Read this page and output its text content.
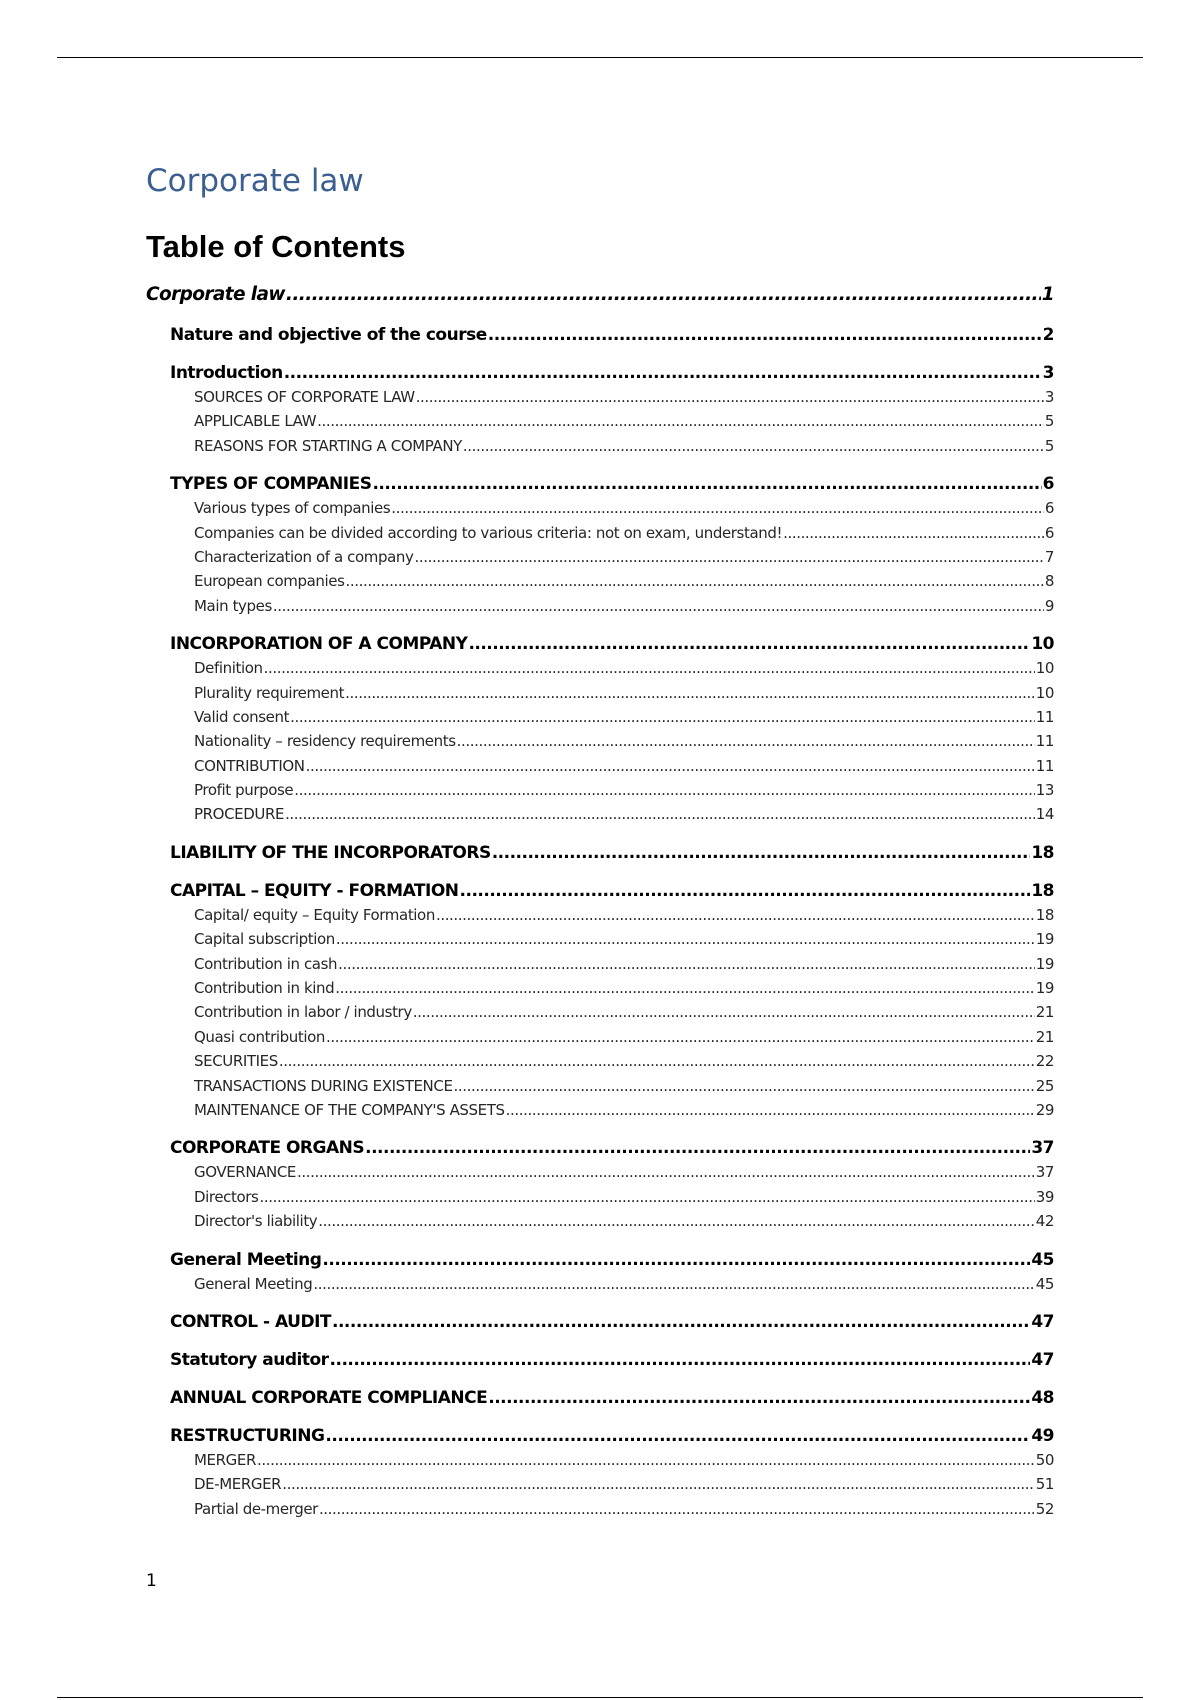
Corporate law
Table of Contents
Corporate law .....	1
Nature and objective of the course .....	2
Introduction .....	3
SOURCES OF CORPORATE LAW .....	3
APPLICABLE LAW .....	5
REASONS FOR STARTING A COMPANY .....	5
TYPES OF COMPANIES .....	6
Various types of companies .....	6
Companies can be divided according to various criteria: not on exam, understand! .....	6
Characterization of a company .....	7
European companies .....	8
Main types .....	9
INCORPORATION OF A COMPANY .....	10
Definition .....	10
Plurality requirement .....	10
Valid consent .....	11
Nationality – residency requirements .....	11
CONTRIBUTION .....	11
Profit purpose .....	13
PROCEDURE .....	14
LIABILITY OF THE INCORPORATORS .....	18
CAPITAL – EQUITY - FORMATION .....	18
Capital/ equity – Equity Formation .....	18
Capital subscription .....	19
Contribution in cash .....	19
Contribution in kind .....	19
Contribution in labor / industry .....	21
Quasi contribution .....	21
SECURITIES .....	22
TRANSACTIONS DURING EXISTENCE .....	25
MAINTENANCE OF THE COMPANY'S ASSETS .....	29
CORPORATE ORGANS .....	37
GOVERNANCE .....	37
Directors .....	39
Director's liability .....	42
General Meeting .....	45
General Meeting .....	45
CONTROL - AUDIT .....	47
Statutory auditor .....	47
ANNUAL CORPORATE COMPLIANCE .....	48
RESTRUCTURING .....	49
MERGER .....	50
DE-MERGER .....	51
Partial de-merger .....	52
1
